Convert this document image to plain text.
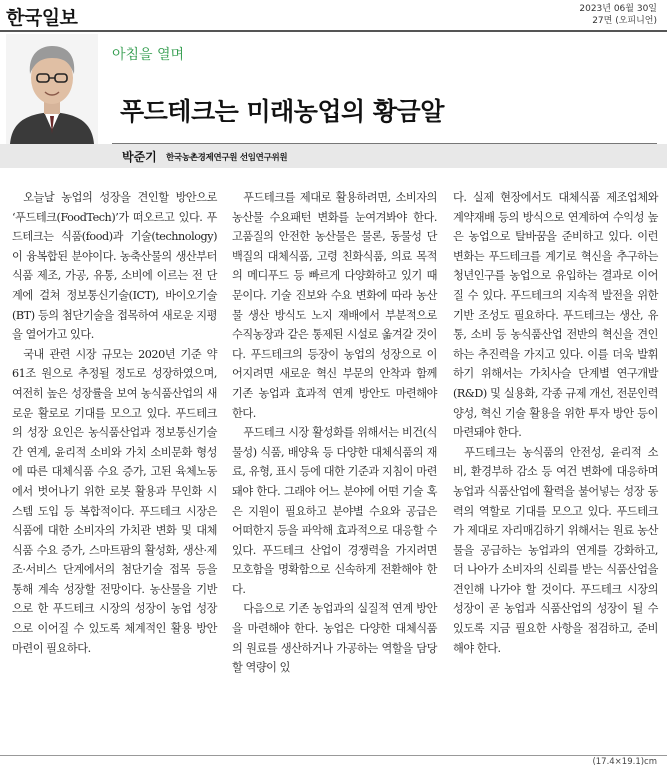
한국일보	2023년 06월 30일
27면 (오피니언)
아침을 열며
푸드테크는 미래농업의 황금알
박준기 한국농촌경제연구원 선임연구위원

오늘날 농업의 성장을 견인할 방안으로 ‘푸드테크(FoodTech)’가 떠오르고 있다. 푸드테크는 식품(food)과 기술(technology)이 융복합된 분야이다. 농축산물의 생산부터 식품 제조, 가공, 유통, 소비에 이르는 전 단계에 걸쳐 정보통신기술(ICT), 바이오기술(BT) 등의 첨단기술을 접목하여 새로운 지평을 열어가고 있다.

국내 관련 시장 규모는 2020년 기준 약 61조 원으로 추정될 정도로 성장하였으며, 여전히 높은 성장률을 보여 농식품산업의 새로운 활로로 기대를 모으고 있다. 푸드테크의 성장 요인은 농식품산업과 정보통신기술 간 연계, 윤리적 소비와 가치 소비문화 형성에 따른 대체식품 수요 증가, 고된 육체노동에서 벗어나기 위한 로봇 활용과 무인화 시스템 도입 등 복합적이다. 푸드테크 시장은 식품에 대한 소비자의 가치관 변화 및 대체식품 수요 증가, 스마트팜의 활성화, 생산·제조·서비스 단계에서의 첨단기술 접목 등을 통해 계속 성장할 전망이다. 농산물을 기반으로 한 푸드테크 시장의 성장이 농업 성장으로 이어질 수 있도록 체계적인 활용 방안 마련이 필요하다.

푸드테크를 제대로 활용하려면, 소비자의 농산물 수요패턴 변화를 눈여겨봐야 한다. 고품질의 안전한 농산물은 물론, 동물성 단백질의 대체식품, 고령 친화식품, 의료 목적의 메디푸드 등 빠르게 다양화하고 있기 때문이다. 기술 진보와 수요 변화에 따라 농산물 생산 방식도 노지 재배에서 부분적으로 수직농장과 같은 통제된 시설로 옮겨갈 것이다. 푸드테크의 등장이 농업의 성장으로 이어지려면 새로운 혁신 부문의 안착과 함께 기존 농업과 효과적 연계 방안도 마련해야 한다.

푸드테크 시장 활성화를 위해서는 비건(식물성) 식품, 배양육 등 다양한 대체식품의 재료, 유형, 표시 등에 대한 기준과 지침이 마련돼야 한다. 그래야 어느 분야에 어떤 기술 혹은 지원이 필요하고 분야별 수요와 공급은 어떠한지 등을 파악해 효과적으로 대응할 수 있다. 푸드테크 산업이 경쟁력을 가지려면 모호함을 명확함으로 신속하게 전환해야 한다.

다음으로 기존 농업과의 실질적 연계 방안을 마련해야 한다. 농업은 다양한 대체식품의 원료를 생산하거나 가공하는 역할을 담당할 역량이 있

다. 실제 현장에서도 대체식품 제조업체와 계약재배 등의 방식으로 연계하여 수익성 높은 농업으로 탈바꿈을 준비하고 있다. 이런 변화는 푸드테크를 계기로 혁신을 추구하는 청년인구를 농업으로 유입하는 결과로 이어질 수 있다. 푸드테크의 지속적 발전을 위한 기반 조성도 필요하다. 푸드테크는 생산, 유통, 소비 등 농식품산업 전반의 혁신을 견인하는 추진력을 가지고 있다. 이를 더욱 발휘하기 위해서는 가치사슬 단계별 연구개발(R&D) 및 실용화, 각종 규제 개선, 전문인력 양성, 혁신 기술 활용을 위한 투자 방안 등이 마련돼야 한다.

푸드테크는 농식품의 안전성, 윤리적 소비, 환경부하 감소 등 여건 변화에 대응하며 농업과 식품산업에 활력을 불어넣는 성장 동력의 역할로 기대를 모으고 있다. 푸드테크가 제대로 자리매김하기 위해서는 원료 농산물을 공급하는 농업과의 연계를 강화하고, 더 나아가 소비자의 신뢰를 받는 식품산업을 견인해 나가야 할 것이다. 푸드테크 시장의 성장이 곧 농업과 식품산업의 성장이 될 수 있도록 지금 필요한 사항을 점검하고, 준비해야 한다.

(17.4×19.1)cm
